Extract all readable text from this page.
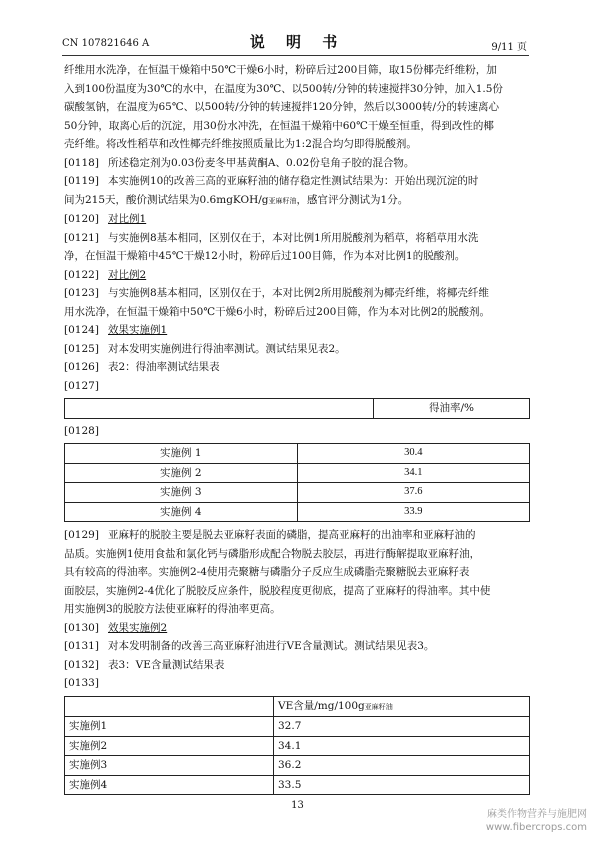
CN 107821646 A	说 明 书	9/11 页

纤维用水洗净，在恒温干燥箱中50℃干燥6小时，粉碎后过200目筛，取15份椰壳纤维粉，加

入到100份温度为30℃的水中，在温度为30℃、以500转/分钟的转速搅拌30分钟，加入1.5份

碳酸氢钠，在温度为65℃、以500转/分钟的转速搅拌120分钟，然后以3000转/分的转速离心

50分钟，取离心后的沉淀，用30份水冲洗，在恒温干燥箱中60℃干燥至恒重，得到改性的椰

壳纤维。将改性稻草和改性椰壳纤维按照质量比为1:2混合均匀即得脱酸剂。

[0118] 所述稳定剂为0.03份麦冬甲基黄酮A、0.02份皂角子胶的混合物。
[0119] 本实施例10的改善三高的亚麻籽油的储存稳定性测试结果为：开始出现沉淀的时

间为215天，酸价测试结果为0.6mgKOH/g亚麻籽油，感官评分测试为1分。

[0120] 对比例1
[0121] 与实施例8基本相同，区别仅在于，本对比例1所用脱酸剂为稻草，将稻草用水洗

净，在恒温干燥箱中45℃干燥12小时，粉碎后过100目筛，作为本对比例1的脱酸剂。

[0122] 对比例2
[0123] 与实施例8基本相同，区别仅在于，本对比例2所用脱酸剂为椰壳纤维，将椰壳纤维

用水洗净，在恒温干燥箱中50℃干燥6小时，粉碎后过200目筛，作为本对比例2的脱酸剂。

[0124] 效果实施例1
[0125] 对本发明实施例进行得油率测试。测试结果见表2。
[0126] 表2：得油率测试结果表
[0127]
	得油率/%
[0128]
实施例 1	30.4
实施例 2	34.1
实施例 3	37.6
实施例 4	33.9
[0129] 亚麻籽的脱胶主要是脱去亚麻籽表面的磷脂，提高亚麻籽的出油率和亚麻籽油的

品质。实施例1使用食盐和氯化钙与磷脂形成配合物脱去胶层，再进行酶解提取亚麻籽油，

具有较高的得油率。实施例2-4使用壳聚糖与磷脂分子反应生成磷脂壳聚糖脱去亚麻籽表

面胶层，实施例2-4优化了脱胶反应条件，脱胶程度更彻底，提高了亚麻籽的得油率。其中使

用实施例3的脱胶方法使亚麻籽的得油率更高。

[0130] 效果实施例2
[0131] 对本发明制备的改善三高亚麻籽油进行VE含量测试。测试结果见表3。
[0132] 表3：VE含量测试结果表
[0133]
	VE含量/mg/100g亚麻籽油
实施例1	32.7
实施例2	34.1
实施例3	36.2
实施例4	33.5
13
麻类作物营养与施肥网
www.fibercrops.com
